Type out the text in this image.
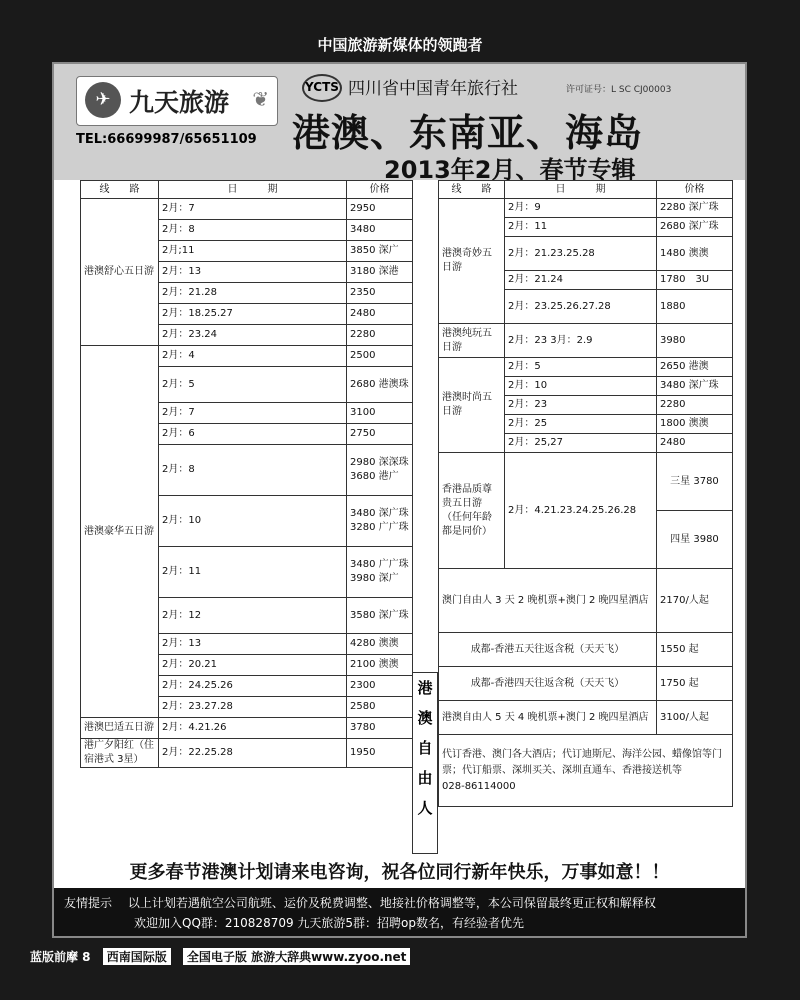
中国旅游新媒体的领跑者
✈ 九天旅游 ❦
TEL:66699987/65651109
YCTS 四川省中国青年旅行社	许可证号：L SC CJ00003
港澳、东南亚、海岛
2013年2月、春节专辑
线　　路	日　　　期	价格
港澳舒心五日游	2月：7	2950
	2月：8	3480
	2月;11	3850 深广
	2月：13	3180 深港
	2月：21.28	2350
	2月：18.25.27	2480
	2月：23.24	2280
港澳豪华五日游	2月：4	2500
	2月：5	2680 港澳珠
	2月：7	3100
	2月：6	2750
	2月：8	2980 深深珠 3680 港广
	2月：10	3480 深广珠 3280 广广珠
	2月：11	3480 广广珠 3980 深广
	2月：12	3580 深广珠
	2月：13	4280 澳澳
	2月：20.21	2100 澳澳
	2月：24.25.26	2300
	2月：23.27.28	2580
港澳巴适五日游	2月：4.21.26	3780
港广夕阳红（住宿港式 3星）	2月：22.25.28	1950
港
澳
自
由
人
线　　路	日　　　期	价格
港澳奇妙五日游	2月：9	2280 深广珠
	2月：11	2680 深广珠
	2月：21.23.25.28	1480 澳澳
	2月：21.24	1780　3U
	2月：23.25.26.27.28	1880
港澳纯玩五日游	2月：23 3月：2.9	3980
港澳时尚五日游	2月：5	2650 港澳
	2月：10	3480 深广珠
	2月：23	2280
	2月：25	1800 澳澳
	2月：25,27	2480
香港品质尊贵五日游（任何年龄都是同价）	2月：4.21.23.24.25.26.28	三星 3780
		四星 3980
澳门自由人 3 天 2 晚机票+澳门 2 晚四星酒店		2170/人起
成都-香港五天往返含税（天天飞）		1550 起
成都-香港四天往返含税（天天飞）		1750 起
港澳自由人 5 天 4 晚机票+澳门 2 晚四星酒店		3100/人起

代订香港、澳门各大酒店；代订迪斯尼、海洋公园、蜡像馆等门票；代订船票、深圳买关、深圳直通车、香港接送机等
028-86114000		
更多春节港澳计划请来电咨询，祝各位同行新年快乐，万事如意！！
友情提示　 以上计划若遇航空公司航班、运价及税费调整、地接社价格调整等，本公司保留最终更正权和解释权
欢迎加入QQ群：210828709 九天旅游5群：招聘op数名，有经验者优先
蓝版前摩 8 西南国际版 全国电子版 旅游大辞典www.zyoo.net
